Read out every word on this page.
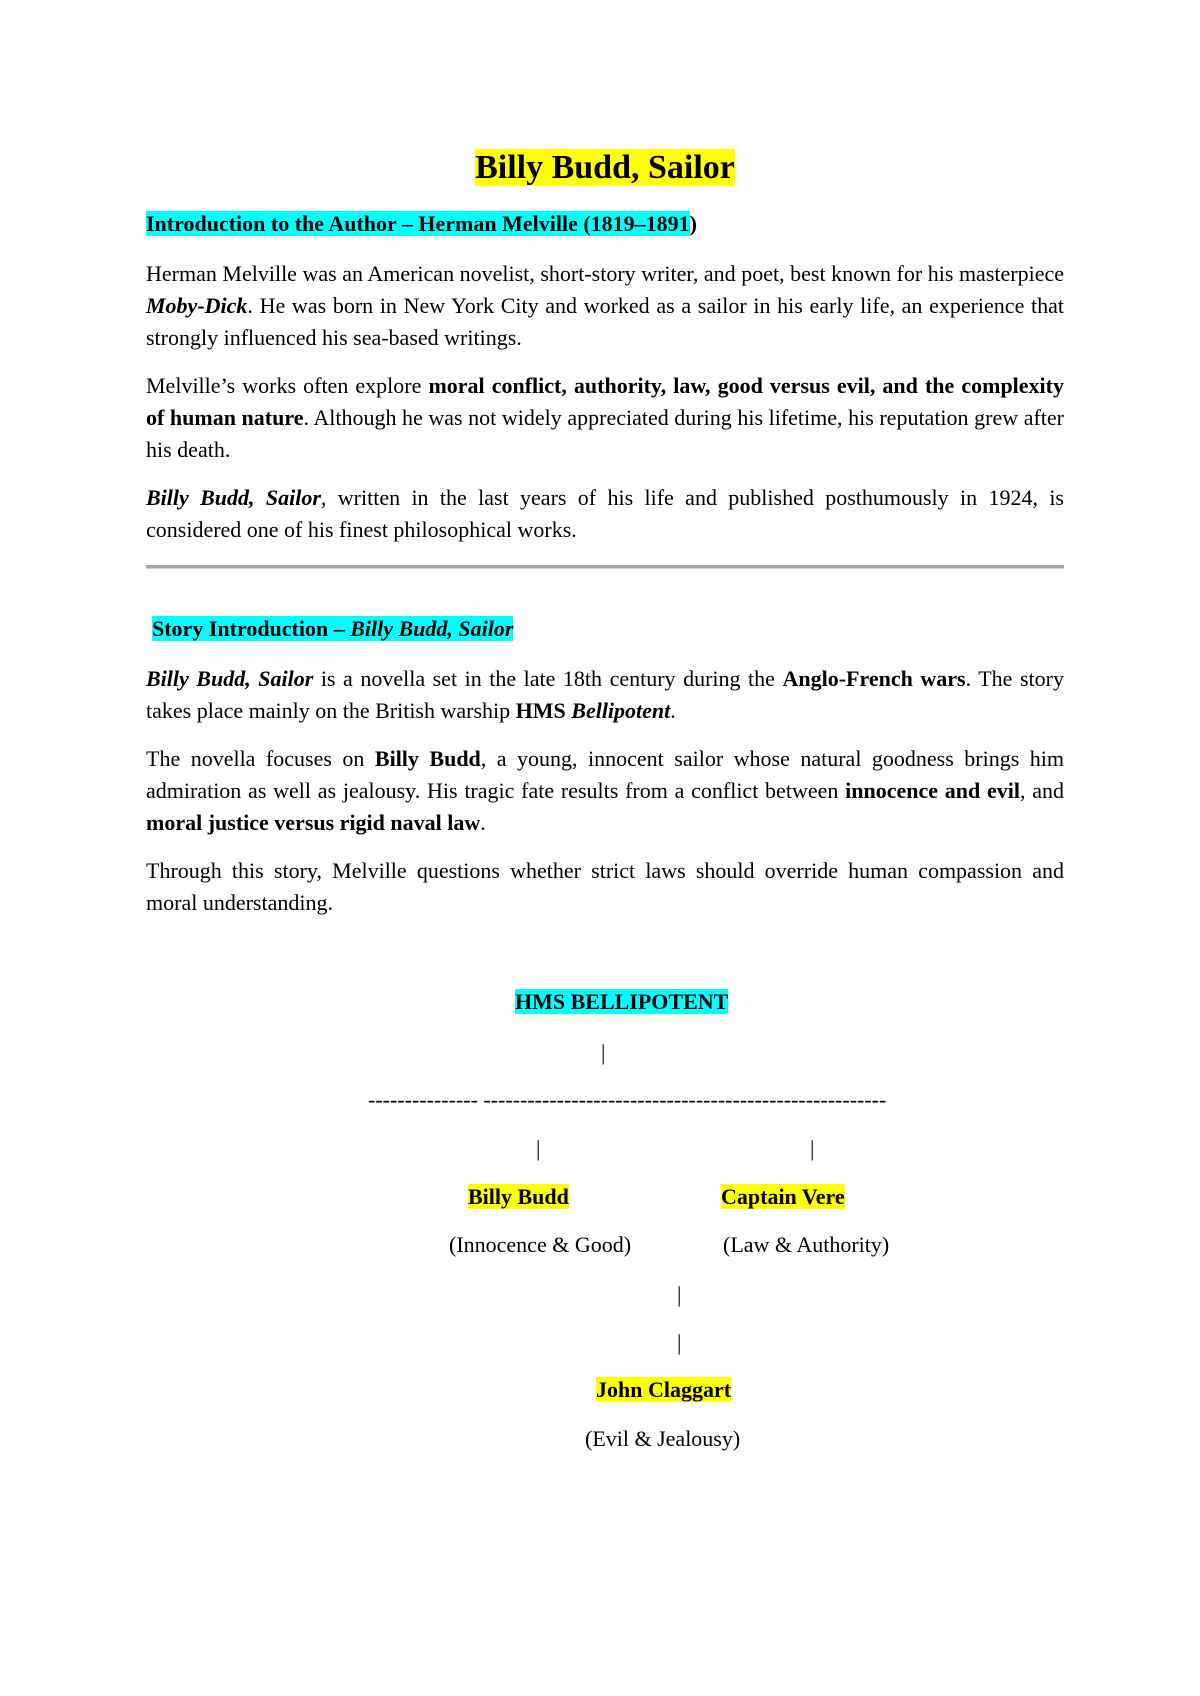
Billy Budd, Sailor
Introduction to the Author – Herman Melville (1819–1891)

Herman Melville was an American novelist, short-story writer, and poet, best known for his masterpiece Moby-Dick. He was born in New York City and worked as a sailor in his early life, an experience that strongly influenced his sea-based writings.

Melville’s works often explore moral conflict, authority, law, good versus evil, and the complexity of human nature. Although he was not widely appreciated during his lifetime, his reputation grew after his death.

Billy Budd, Sailor, written in the last years of his life and published posthumously in 1924, is considered one of his finest philosophical works.

Story Introduction – Billy Budd, Sailor

Billy Budd, Sailor is a novella set in the late 18th century during the Anglo-French wars. The story takes place mainly on the British warship HMS Bellipotent.

The novella focuses on Billy Budd, a young, innocent sailor whose natural goodness brings him admiration as well as jealousy. His tragic fate results from a conflict between innocence and evil, and moral justice versus rigid naval law.

Through this story, Melville questions whether strict laws should override human compassion and moral understanding.

HMS BELLIPOTENT
|
--------------- -------------------------------------------------------
|	|
Billy Budd	Captain Vere
(Innocence & Good)	(Law & Authority)
|
|
John Claggart
(Evil & Jealousy)
